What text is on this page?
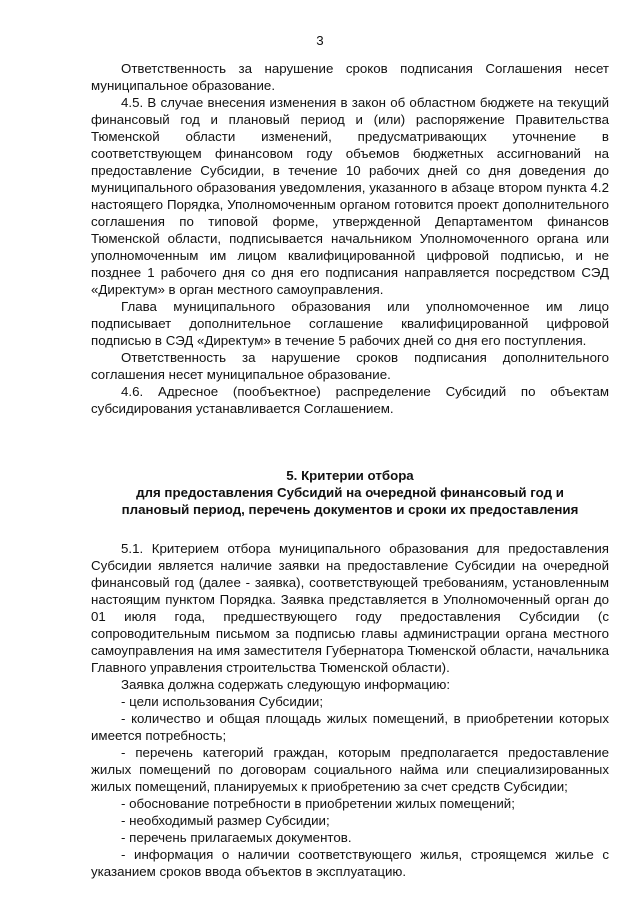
3

Ответственность за нарушение сроков подписания Соглашения несет муниципальное образование.

4.5. В случае внесения изменения в закон об областном бюджете на текущий финансовый год и плановый период и (или) распоряжение Правительства Тюменской области изменений, предусматривающих уточнение в соответствующем финансовом году объемов бюджетных ассигнований на предоставление Субсидии, в течение 10 рабочих дней со дня доведения до муниципального образования уведомления, указанного в абзаце втором пункта 4.2 настоящего Порядка, Уполномоченным органом готовится проект дополнительного соглашения по типовой форме, утвержденной Департаментом финансов Тюменской области, подписывается начальником Уполномоченного органа или уполномоченным им лицом квалифицированной цифровой подписью, и не позднее 1 рабочего дня со дня его подписания направляется посредством СЭД «Директум» в орган местного самоуправления.

Глава муниципального образования или уполномоченное им лицо подписывает дополнительное соглашение квалифицированной цифровой подписью в СЭД «Директум» в течение 5 рабочих дней со дня его поступления.

Ответственность за нарушение сроков подписания дополнительного соглашения несет муниципальное образование.

4.6. Адресное (пообъектное) распределение Субсидий по объектам субсидирования устанавливается Соглашением.

5. Критерии отбора
для предоставления Субсидий на очередной финансовый год и
плановый период, перечень документов и сроки их предоставления

5.1. Критерием отбора муниципального образования для предоставления Субсидии является наличие заявки на предоставление Субсидии на очередной финансовый год (далее - заявка), соответствующей требованиям, установленным настоящим пунктом Порядка. Заявка представляется в Уполномоченный орган до 01 июля года, предшествующего году предоставления Субсидии (с сопроводительным письмом за подписью главы администрации органа местного самоуправления на имя заместителя Губернатора Тюменской области, начальника Главного управления строительства Тюменской области).

Заявка должна содержать следующую информацию:

- цели использования Субсидии;

- количество и общая площадь жилых помещений, в приобретении которых имеется потребность;

- перечень категорий граждан, которым предполагается предоставление жилых помещений по договорам социального найма или специализированных жилых помещений, планируемых к приобретению за счет средств Субсидии;

- обоснование потребности в приобретении жилых помещений;

- необходимый размер Субсидии;

- перечень прилагаемых документов.

- информация о наличии соответствующего жилья, строящемся жилье с указанием сроков ввода объектов в эксплуатацию.
